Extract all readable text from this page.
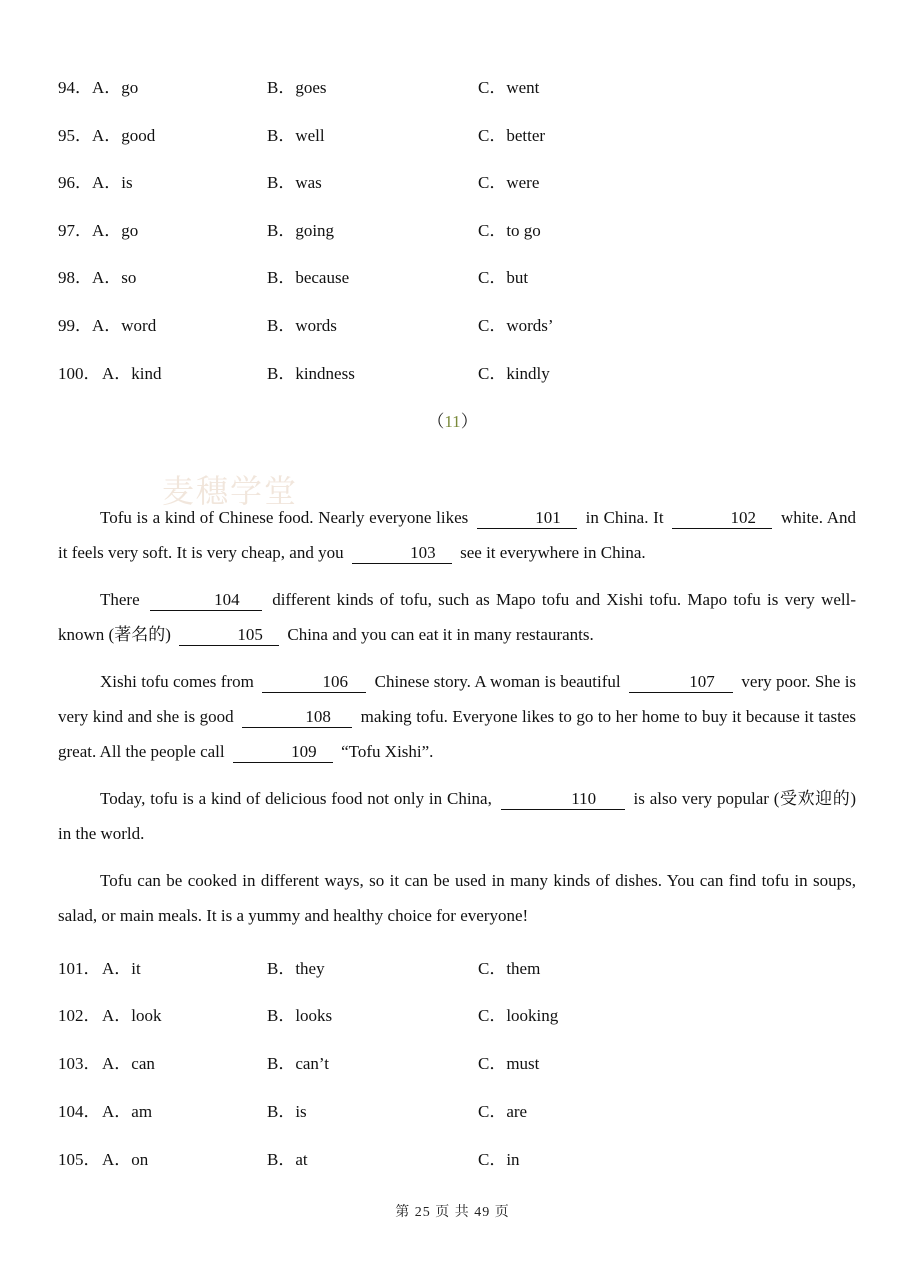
94． A．go	B．goes	C．went
95． A．good	B．well	C．better
96． A．is	B．was	C．were
97． A．go	B．going	C．to go
98． A．so	B．because	C．but
99． A．word	B．words	C．words’
100． A．kind	B．kindness	C．kindly
（11）
麦穗学堂

Tofu is a kind of Chinese food. Nearly everyone likes	101 in China. It	102 white. And it feels very soft. It is very cheap, and you	103 see it everywhere in China.

There	104 different kinds of tofu, such as Mapo tofu and Xishi tofu. Mapo tofu is very well-known (著名的)	105 China and you can eat it in many restaurants.

Xishi tofu comes from	106 Chinese story. A woman is beautiful	107 very poor. She is very kind and she is good	108 making tofu. Everyone likes to go to her home to buy it because it tastes great. All the people call	109 “Tofu Xishi”.

Today, tofu is a kind of delicious food not only in China,	110 is also very popular (受欢迎的) in the world.

Tofu can be cooked in different ways, so it can be used in many kinds of dishes. You can find tofu in soups, salad, or main meals. It is a yummy and healthy choice for everyone!

101． A．it	B．they	C．them
102． A．look	B．looks	C．looking
103． A．can	B．can’t	C．must
104． A．am	B．is	C．are
105． A．on	B．at	C．in
第 25 页 共 49 页
